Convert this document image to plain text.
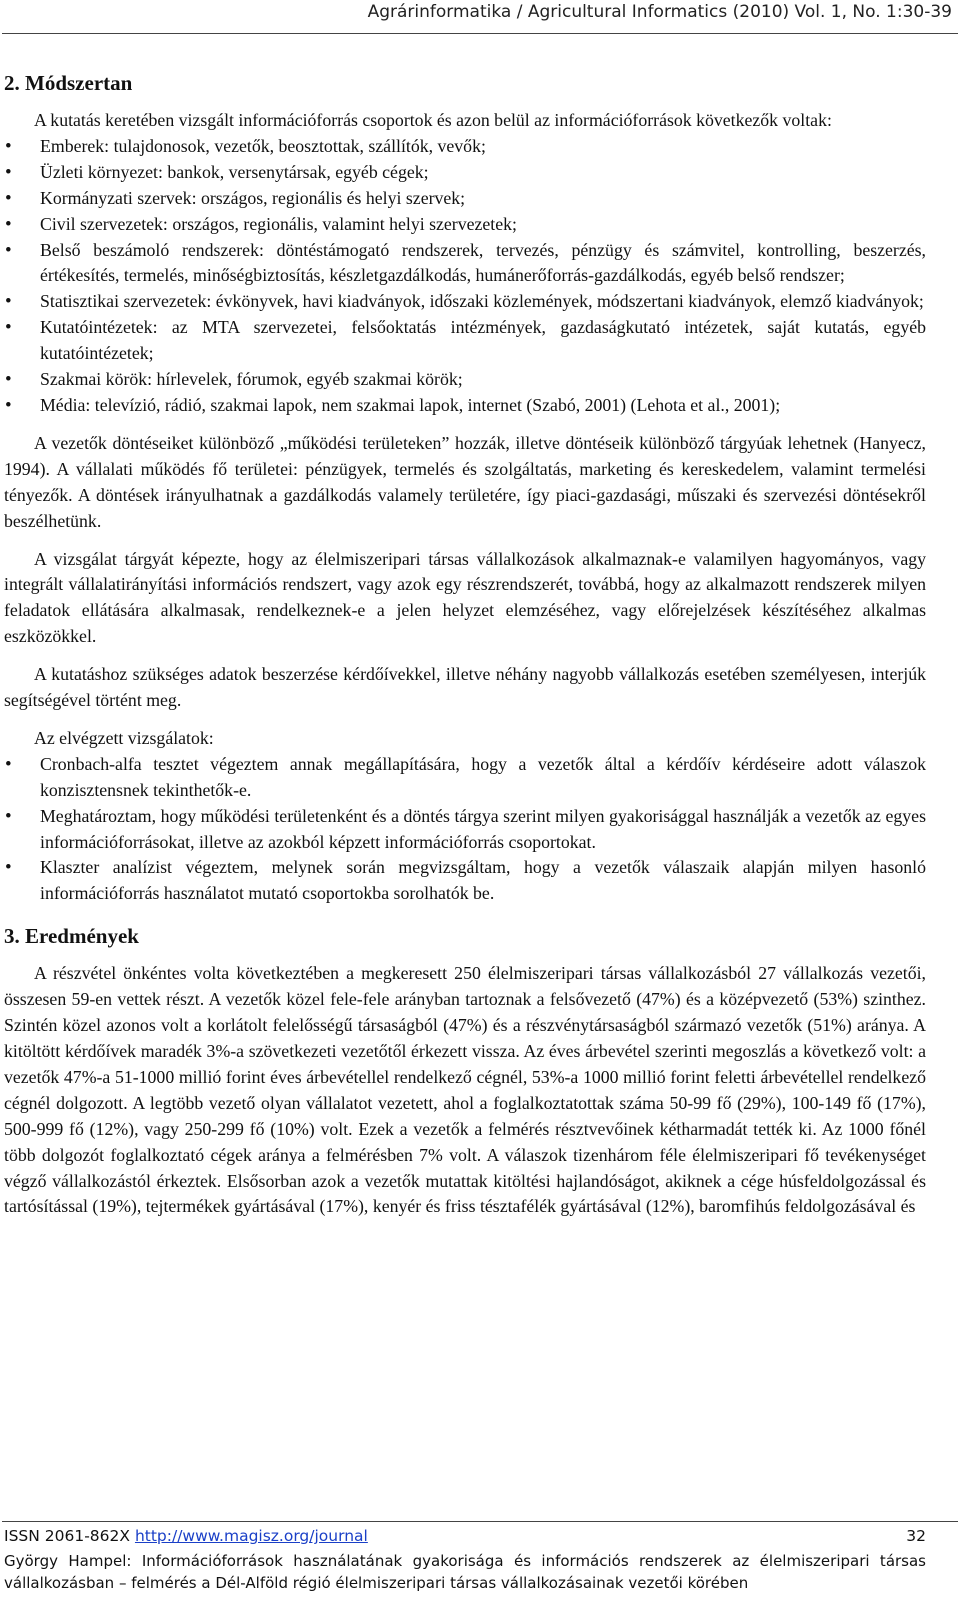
Agrárinformatika / Agricultural Informatics (2010) Vol. 1, No. 1:30-39
2. Módszertan

A kutatás keretében vizsgált információforrás csoportok és azon belül az információforrások következők voltak:

• Emberek: tulajdonosok, vezetők, beosztottak, szállítók, vevők;
• Üzleti környezet: bankok, versenytársak, egyéb cégek;
• Kormányzati szervek: országos, regionális és helyi szervek;
• Civil szervezetek: országos, regionális, valamint helyi szervezetek;
• Belső beszámoló rendszerek: döntéstámogató rendszerek, tervezés, pénzügy és számvitel, kontrolling, beszerzés, értékesítés, termelés, minőségbiztosítás, készletgazdálkodás, humánerőforrás-gazdálkodás, egyéb belső rendszer;
• Statisztikai szervezetek: évkönyvek, havi kiadványok, időszaki közlemények, módszertani kiadványok, elemző kiadványok;
• Kutatóintézetek: az MTA szervezetei, felsőoktatás intézmények, gazdaságkutató intézetek, saját kutatás, egyéb kutatóintézetek;
• Szakmai körök: hírlevelek, fórumok, egyéb szakmai körök;
• Média: televízió, rádió, szakmai lapok, nem szakmai lapok, internet (Szabó, 2001) (Lehota et al., 2001);

A vezetők döntéseiket különböző „működési területeken” hozzák, illetve döntéseik különböző tárgyúak lehetnek (Hanyecz, 1994). A vállalati működés fő területei: pénzügyek, termelés és szolgáltatás, marketing és kereskedelem, valamint termelési tényezők. A döntések irányulhatnak a gazdálkodás valamely területére, így piaci-gazdasági, műszaki és szervezési döntésekről beszélhetünk.

A vizsgálat tárgyát képezte, hogy az élelmiszeripari társas vállalkozások alkalmaznak-e valamilyen hagyományos, vagy integrált vállalatirányítási információs rendszert, vagy azok egy részrendszerét, továbbá, hogy az alkalmazott rendszerek milyen feladatok ellátására alkalmasak, rendelkeznek-e a jelen helyzet elemzéséhez, vagy előrejelzések készítéséhez alkalmas eszközökkel.

A kutatáshoz szükséges adatok beszerzése kérdőívekkel, illetve néhány nagyobb vállalkozás esetében személyesen, interjúk segítségével történt meg.

Az elvégzett vizsgálatok:

• Cronbach-alfa tesztet végeztem annak megállapítására, hogy a vezetők által a kérdőív kérdéseire adott válaszok konzisztensnek tekinthetők-e.
• Meghatároztam, hogy működési területenként és a döntés tárgya szerint milyen gyakorisággal használják a vezetők az egyes információforrásokat, illetve az azokból képzett információforrás csoportokat.
• Klaszter analízist végeztem, melynek során megvizsgáltam, hogy a vezetők válaszaik alapján milyen hasonló információforrás használatot mutató csoportokba sorolhatók be.
3. Eredmények

A részvétel önkéntes volta következtében a megkeresett 250 élelmiszeripari társas vállalkozásból 27 vállalkozás vezetői, összesen 59-en vettek részt. A vezetők közel fele-fele arányban tartoznak a felsővezető (47%) és a középvezető (53%) szinthez. Szintén közel azonos volt a korlátolt felelősségű társaságból (47%) és a részvénytársaságból származó vezetők (51%) aránya. A kitöltött kérdőívek maradék 3%-a szövetkezeti vezetőtől érkezett vissza. Az éves árbevétel szerinti megoszlás a következő volt: a vezetők 47%-a 51-1000 millió forint éves árbevétellel rendelkező cégnél, 53%-a 1000 millió forint feletti árbevétellel rendelkező cégnél dolgozott. A legtöbb vezető olyan vállalatot vezetett, ahol a foglalkoztatottak száma 50-99 fő (29%), 100-149 fő (17%), 500-999 fő (12%), vagy 250-299 fő (10%) volt. Ezek a vezetők a felmérés résztvevőinek kétharmadát tették ki. Az 1000 főnél több dolgozót foglalkoztató cégek aránya a felmérésben 7% volt. A válaszok tizenhárom féle élelmiszeripari fő tevékenységet végző vállalkozástól érkeztek. Elsősorban azok a vezetők mutattak kitöltési hajlandóságot, akiknek a cége húsfeldolgozással és tartósítással (19%), tejtermékek gyártásával (17%), kenyér és friss tésztafélék gyártásával (12%), baromfihús feldolgozásával és

ISSN 2061-862X http://www.magisz.org/journal	32
György Hampel: Információforrások használatának gyakorisága és információs rendszerek az élelmiszeripari társas vállalkozásban – felmérés a Dél-Alföld régió élelmiszeripari társas vállalkozásainak vezetői körében
